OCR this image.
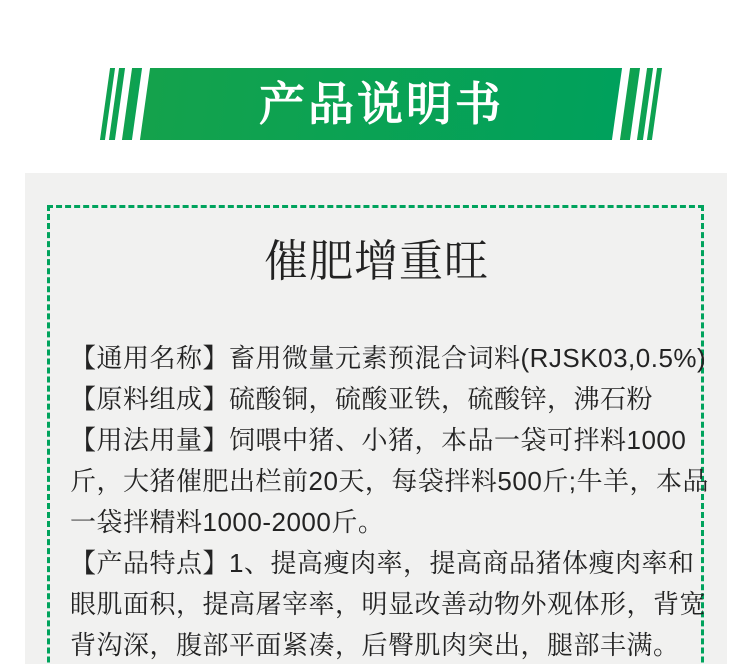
产品说明书
催肥增重旺
【通用名称】畜用微量元素预混合词料(RJSK03,0.5%)
【原料组成】硫酸铜，硫酸亚铁，硫酸锌，沸石粉
【用法用量】饲喂中猪、小猪，本品一袋可拌料1000
斤，大猪催肥出栏前20天，每袋拌料500斤;牛羊，本品
一袋拌精料1000-2000斤。
【产品特点】1、提高瘦肉率，提高商品猪体瘦肉率和
眼肌面积，提高屠宰率，明显改善动物外观体形，背宽
背沟深，腹部平面紧凑，后臀肌肉突出，腿部丰满。
